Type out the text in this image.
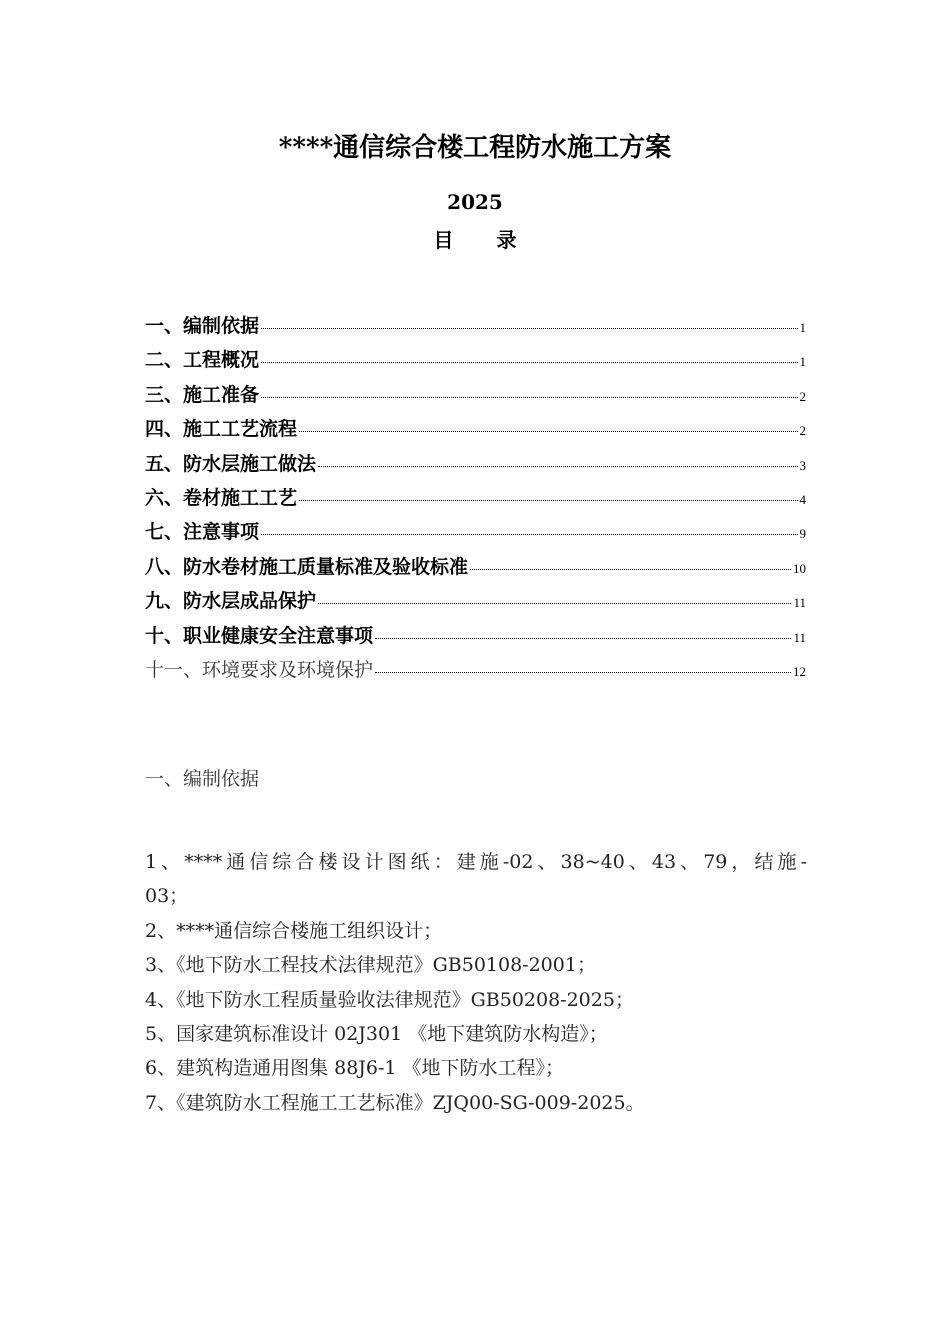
****通信综合楼工程防水施工方案
2025
目 录
一、编制依据	1
二、工程概况	1
三、施工准备	2
四、施工工艺流程	2
五、防水层施工做法	3
六、卷材施工工艺	4
七、注意事项	9
八、防水卷材施工质量标准及验收标准	10
九、防水层成品保护	11
十、职业健康安全注意事项	11
十一、环境要求及环境保护	12
一、编制依据
1、****通信综合楼设计图纸：建施-02、38~40、43、79，结施-
03；
2、****通信综合楼施工组织设计；
3、《地下防水工程技术法律规范》GB50108-2001；
4、《地下防水工程质量验收法律规范》GB50208-2025；
5、国家建筑标准设计 02J301 《地下建筑防水构造》；
6、建筑构造通用图集 88J6-1 《地下防水工程》；
7、《建筑防水工程施工工艺标准》ZJQ00-SG-009-2025。
